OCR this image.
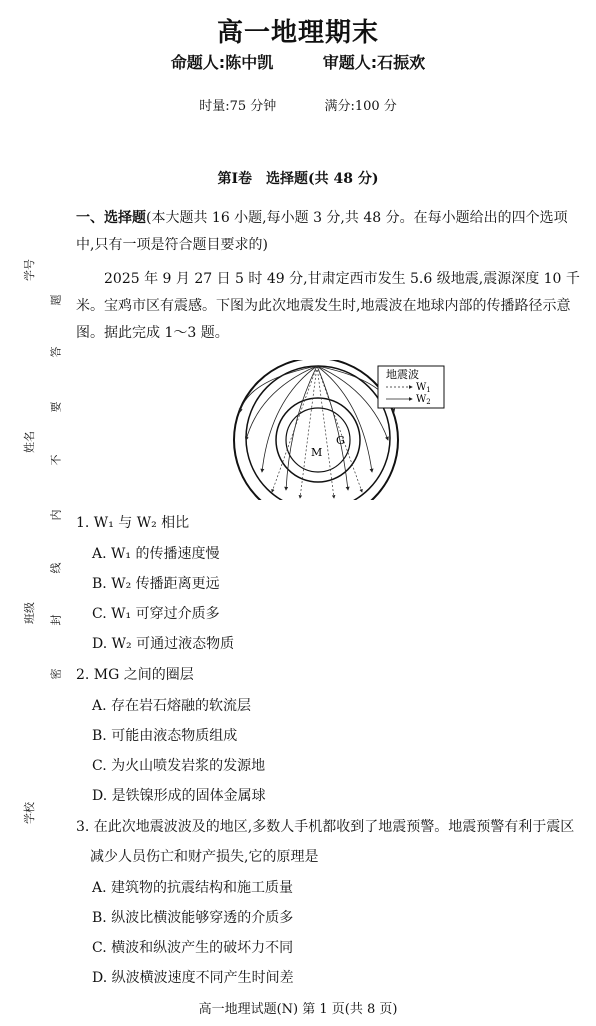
高一地理期末
命题人:陈中凯	审题人:石振欢
时量:75 分钟	满分:100 分
第Ⅰ卷　选择题(共 48 分)
一、选择题(本大题共 16 小题,每小题 3 分,共 48 分。在每小题给出的四个选项中,只有一项是符合题目要求的)
2025 年 9 月 27 日 5 时 49 分,甘肃定西市发生 5.6 级地震,震源深度 10 千米。宝鸡市区有震感。下图为此次地震发生时,地震波在地球内部的传播路径示意图。据此完成 1～3 题。
M
G
地震波
$W_1$
$W_2$
1. W₁ 与 W₂ 相比
A. W₁ 的传播速度慢
B. W₂ 传播距离更远
C. W₁ 可穿过介质多
D. W₂ 可通过液态物质
2. MG 之间的圈层
A. 存在岩石熔融的软流层
B. 可能由液态物质组成
C. 为火山喷发岩浆的发源地
D. 是铁镍形成的固体金属球
3. 在此次地震波波及的地区,多数人手机都收到了地震预警。地震预警有利于震区减少人员伤亡和财产损失,它的原理是
A. 建筑物的抗震结构和施工质量
B. 纵波比横波能够穿透的介质多
C. 横波和纵波产生的破坏力不同
D. 纵波横波速度不同产生时间差
学号
姓名
班级
学校
题
答
要
不
内
线
封
密
高一地理试题(N) 第 1 页(共 8 页)
